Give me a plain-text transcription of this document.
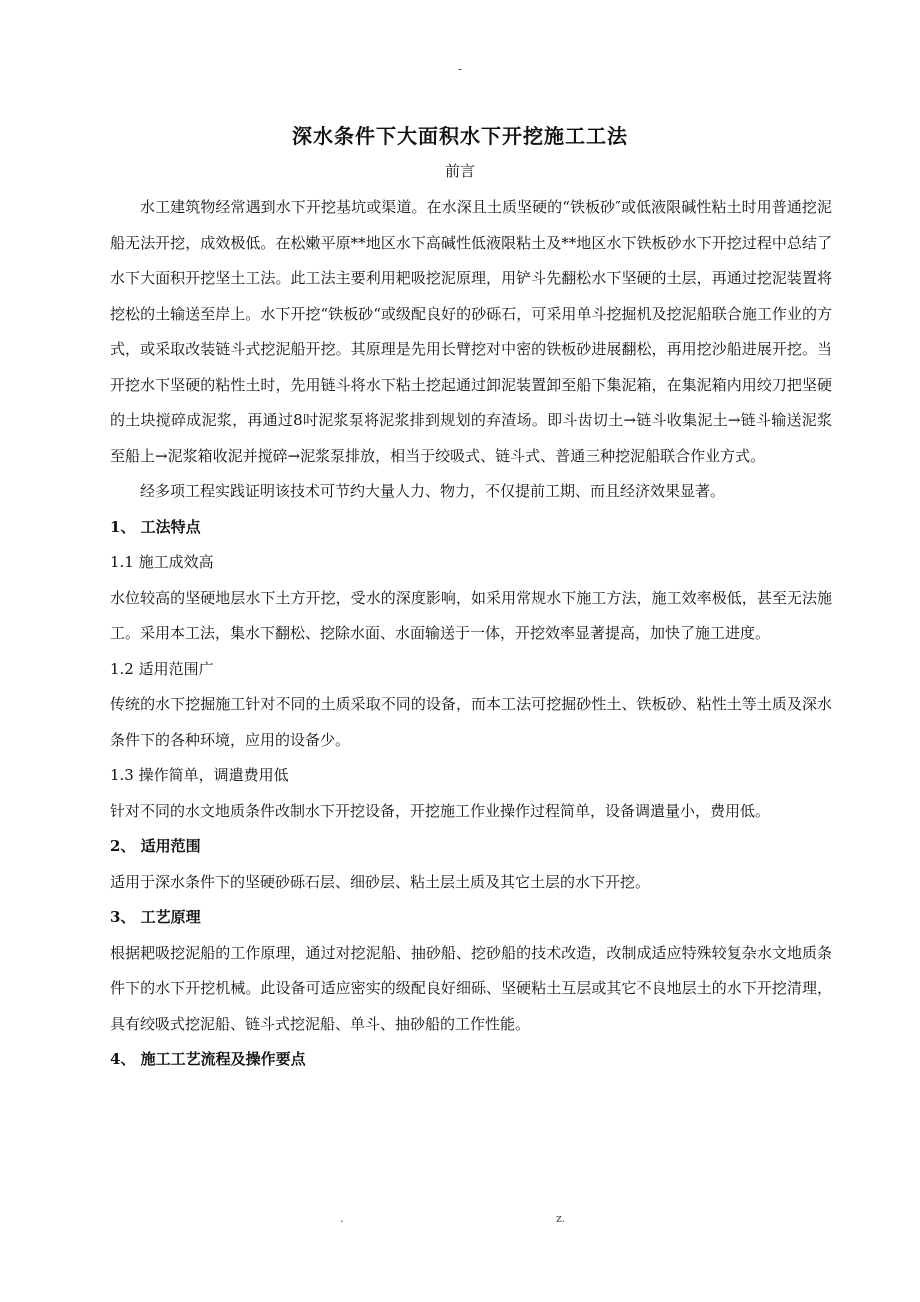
-
深水条件下大面积水下开挖施工工法
前言

水工建筑物经常遇到水下开挖基坑或渠道。在水深且土质坚硬的“铁板砂″或低液限碱性粘土时用普通挖泥船无法开挖，成效极低。在松嫩平原**地区水下高碱性低液限粘土及**地区水下铁板砂水下开挖过程中总结了水下大面积开挖坚土工法。此工法主要利用耙吸挖泥原理，用铲斗先翻松水下坚硬的土层，再通过挖泥装置将挖松的土输送至岸上。水下开挖“铁板砂“或级配良好的砂砾石，可采用单斗挖掘机及挖泥船联合施工作业的方式，或采取改装链斗式挖泥船开挖。其原理是先用长臂挖对中密的铁板砂进展翻松，再用挖沙船进展开挖。当开挖水下坚硬的粘性土时，先用链斗将水下粘土挖起通过卸泥装置卸至船下集泥箱，在集泥箱内用绞刀把坚硬的土块搅碎成泥浆，再通过8吋泥浆泵将泥浆排到规划的弃渣场。即斗齿切土→链斗收集泥土→链斗输送泥浆至船上→泥浆箱收泥并搅碎→泥浆泵排放，相当于绞吸式、链斗式、普通三种挖泥船联合作业方式。

经多项工程实践证明该技术可节约大量人力、物力，不仅提前工期、而且经济效果显著。

1、 工法特点
1.1 施工成效高

水位较高的坚硬地层水下土方开挖，受水的深度影响，如采用常规水下施工方法，施工效率极低，甚至无法施工。采用本工法，集水下翻松、挖除水面、水面输送于一体，开挖效率显著提高，加快了施工进度。

1.2 适用范围广

传统的水下挖掘施工针对不同的土质采取不同的设备，而本工法可挖掘砂性土、铁板砂、粘性土等土质及深水条件下的各种环境，应用的设备少。

1.3 操作简单，调遣费用低

针对不同的水文地质条件改制水下开挖设备，开挖施工作业操作过程简单，设备调遣量小，费用低。

2、 适用范围

适用于深水条件下的坚硬砂砾石层、细砂层、粘土层土质及其它土层的水下开挖。

3、 工艺原理

根据耙吸挖泥船的工作原理，通过对挖泥船、抽砂船、挖砂船的技术改造，改制成适应特殊较复杂水文地质条件下的水下开挖机械。此设备可适应密实的级配良好细砾、坚硬粘土互层或其它不良地层土的水下开挖清理，具有绞吸式挖泥船、链斗式挖泥船、单斗、抽砂船的工作性能。

4、 施工工艺流程及操作要点
.	z.
